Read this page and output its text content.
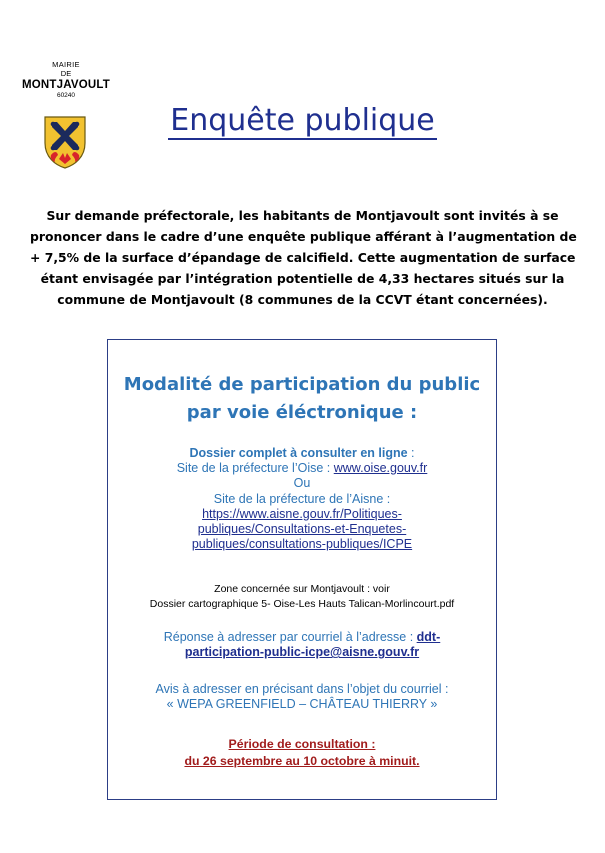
MAIRIE
DE
MONTJAVOULT
60240
Enquête publique
Sur demande préfectorale, les habitants de Montjavoult sont invités à se
prononcer dans le cadre d’une enquête publique afférant à l’augmentation de
+ 7,5% de la surface d’épandage de calcifield. Cette augmentation de surface
étant envisagée par l’intégration potentielle de 4,33 hectares situés sur la
commune de Montjavoult (8 communes de la CCVT étant concernées).
Modalité de participation du public
par voie éléctronique :
Dossier complet à consulter en ligne :
Site de la préfecture l’Oise : www.oise.gouv.fr
Ou
Site de la préfecture de l’Aisne :
https://www.aisne.gouv.fr/Politiques-
publiques/Consultations-et-Enquetes-
publiques/consultations-publiques/ICPE
Zone concernée sur Montjavoult : voir
Dossier cartographique 5- Oise-Les Hauts Talican-Morlincourt.pdf
Réponse à adresser par courriel à l’adresse : ddt-
participation-public-icpe@aisne.gouv.fr
Avis à adresser en précisant dans l’objet du courriel :
« WEPA GREENFIELD – CHÂTEAU THIERRY »
Période de consultation :
du 26 septembre au 10 octobre à minuit.
